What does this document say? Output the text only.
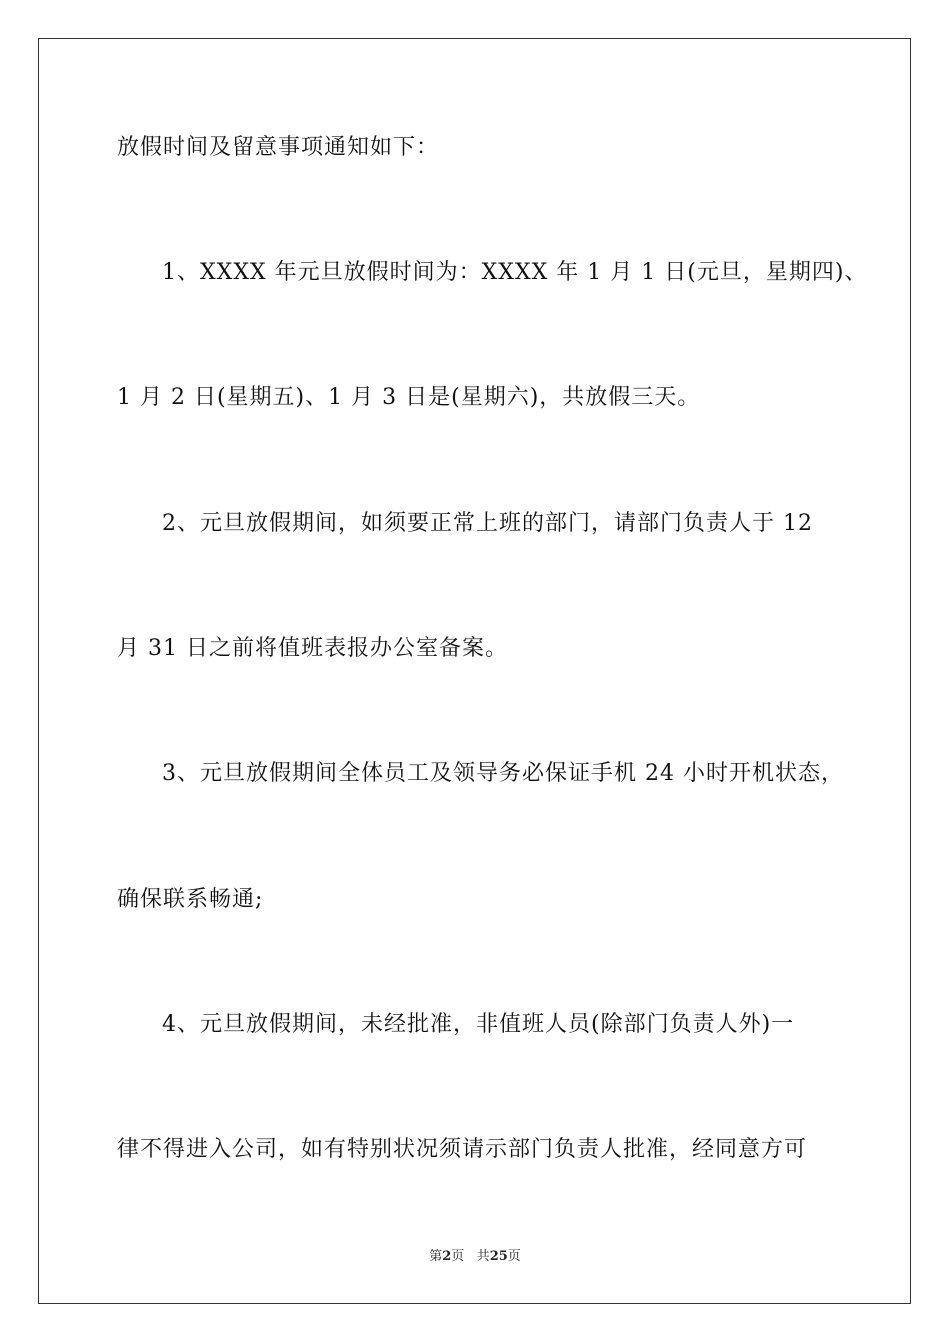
放假时间及留意事项通知如下：
1、XXXX 年元旦放假时间为：XXXX 年 1 月 1 日(元旦，星期四)、
1 月 2 日(星期五)、1 月 3 日是(星期六)，共放假三天。
2、元旦放假期间，如须要正常上班的部门，请部门负责人于 12
月 31 日之前将值班表报办公室备案。
3、元旦放假期间全体员工及领导务必保证手机 24 小时开机状态，
确保联系畅通;
4、元旦放假期间，未经批准，非值班人员(除部门负责人外)一
律不得进入公司，如有特别状况须请示部门负责人批准，经同意方可
第2页 共25页
